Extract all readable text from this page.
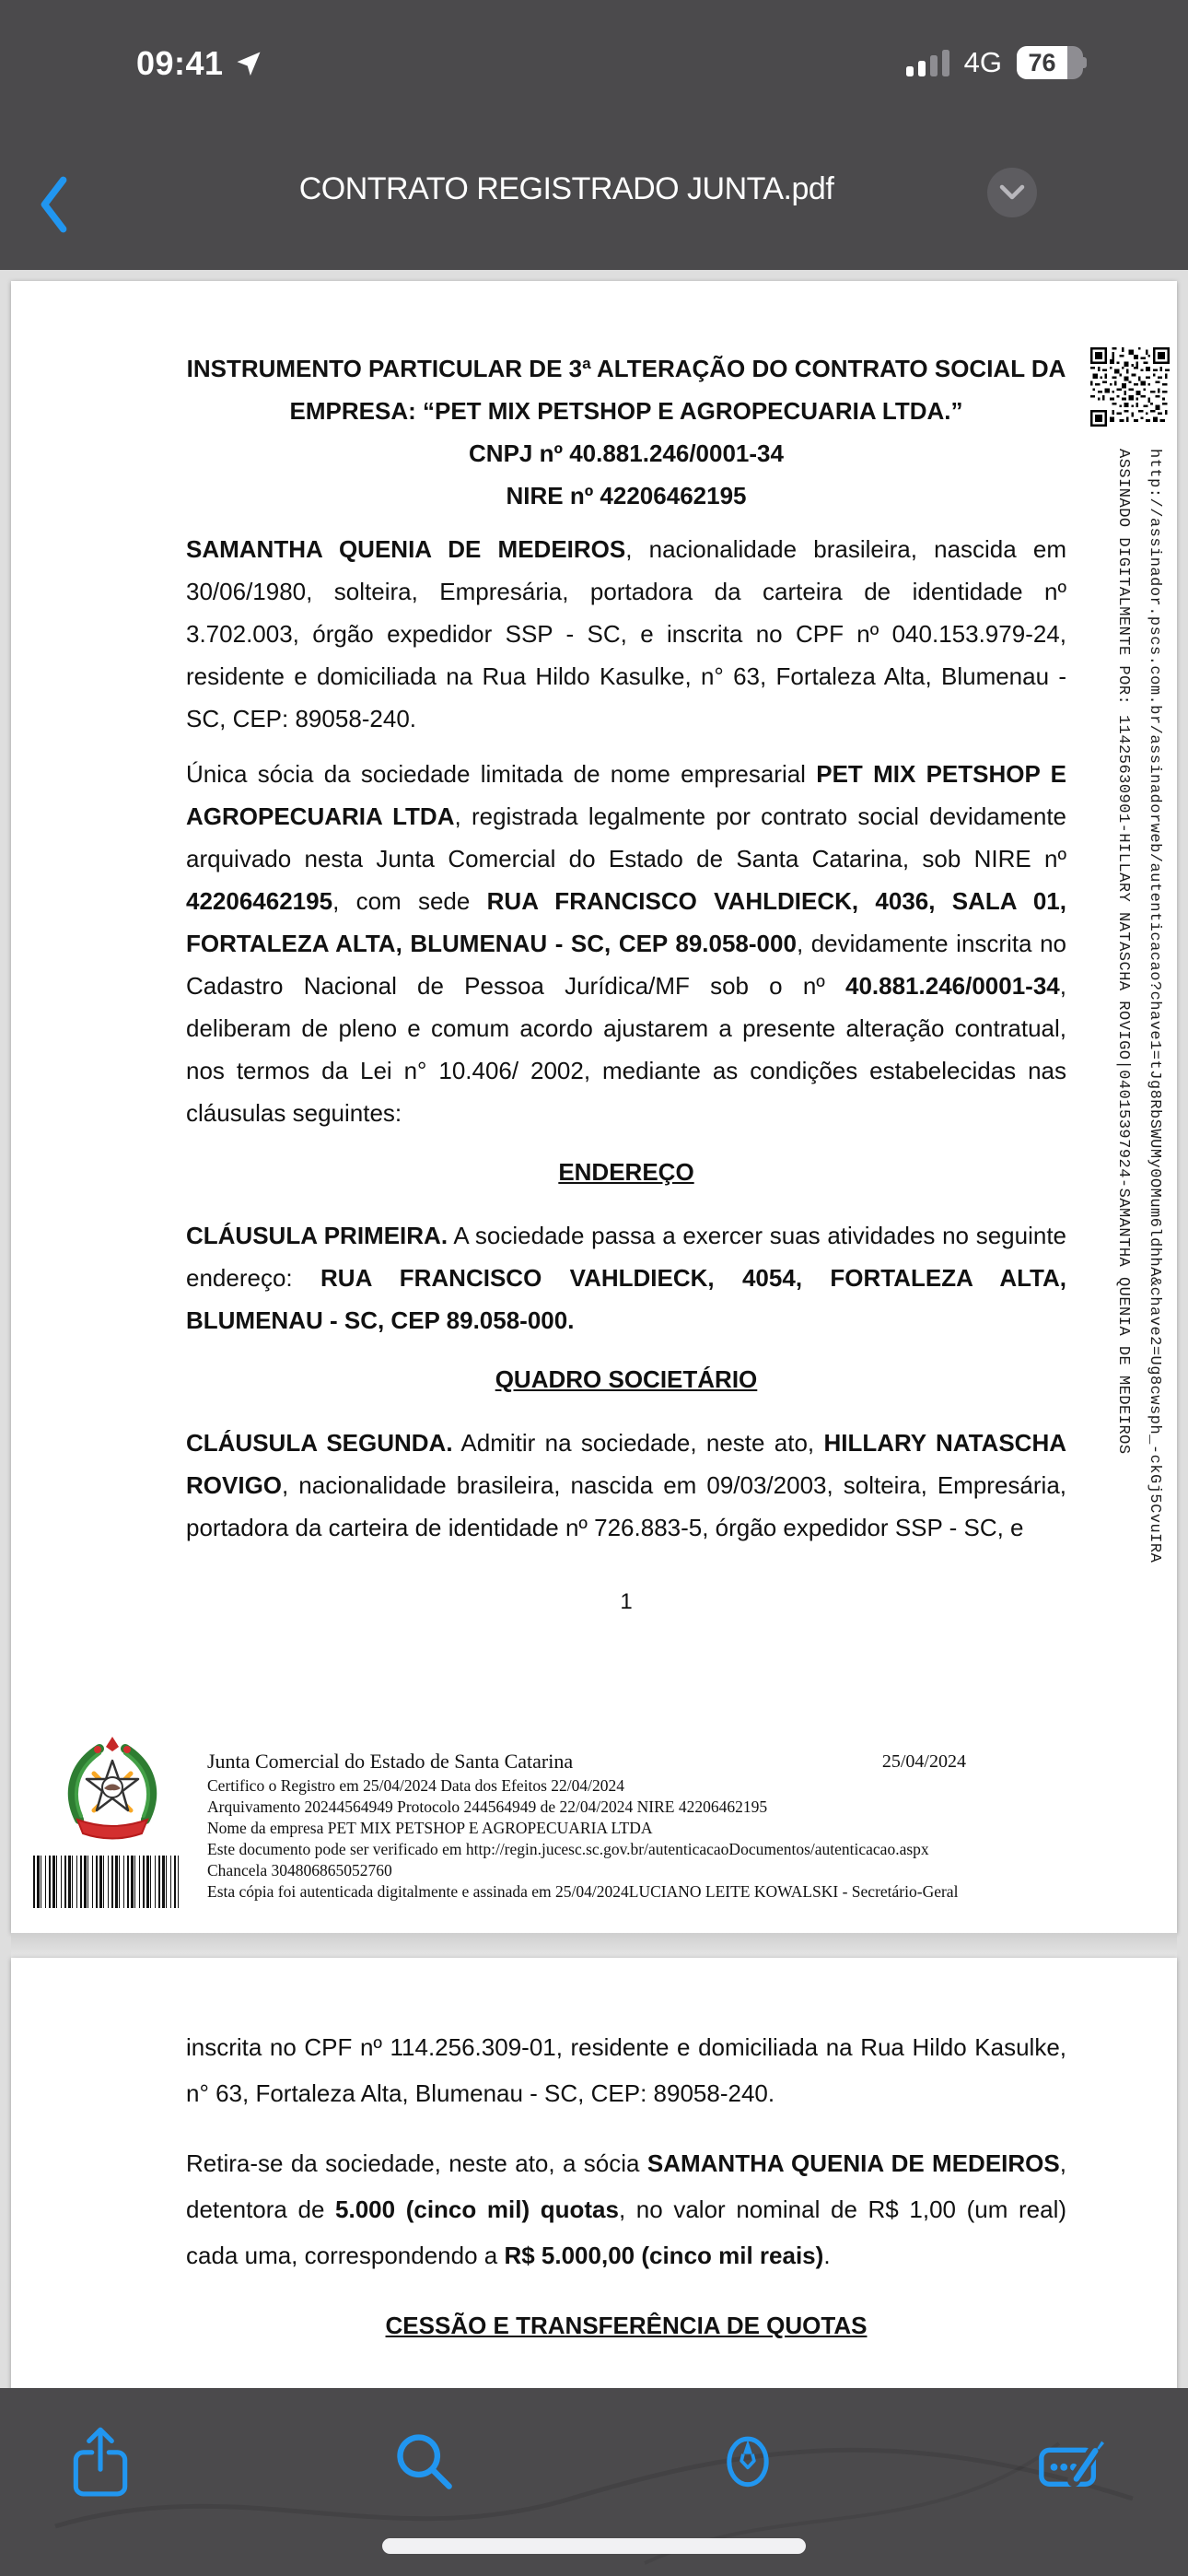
09:41	4G	76
CONTRATO REGISTRADO JUNTA.pdf
INSTRUMENTO PARTICULAR DE 3ª ALTERAÇÃO DO CONTRATO SOCIAL DA
EMPRESA: “PET MIX PETSHOP E AGROPECUARIA LTDA.”
CNPJ nº 40.881.246/0001-34
NIRE nº 42206462195

SAMANTHA QUENIA DE MEDEIROS, nacionalidade brasileira, nascida em 30/06/1980, solteira, Empresária, portadora da carteira de identidade nº 3.702.003, órgão expedidor SSP - SC, e inscrita no CPF nº 040.153.979-24, residente e domiciliada na Rua Hildo Kasulke, n° 63, Fortaleza Alta, Blumenau - SC, CEP: 89058-240.

Única sócia da sociedade limitada de nome empresarial PET MIX PETSHOP E AGROPECUARIA LTDA, registrada legalmente por contrato social devidamente arquivado nesta Junta Comercial do Estado de Santa Catarina, sob NIRE nº 42206462195, com sede RUA FRANCISCO VAHLDIECK, 4036, SALA 01, FORTALEZA ALTA, BLUMENAU - SC, CEP 89.058-000, devidamente inscrita no Cadastro Nacional de Pessoa Jurídica/MF sob o nº 40.881.246/0001-34, deliberam de pleno e comum acordo ajustarem a presente alteração contratual, nos termos da Lei n° 10.406/ 2002, mediante as condições estabelecidas nas cláusulas seguintes:

ENDEREÇO

CLÁUSULA PRIMEIRA. A sociedade passa a exercer suas atividades no seguinte endereço: RUA FRANCISCO VAHLDIECK, 4054, FORTALEZA ALTA, BLUMENAU - SC, CEP 89.058-000.

QUADRO SOCIETÁRIO

CLÁUSULA SEGUNDA. Admitir na sociedade, neste ato, HILLARY NATASCHA ROVIGO, nacionalidade brasileira, nascida em 09/03/2003, solteira, Empresária, portadora da carteira de identidade nº 726.883-5, órgão expedidor SSP - SC, e

1
http://assinador.pscs.com.br/assinadorweb/autenticacao?chave1=tJg8RbSWUMy0OMum6ldhhA&chave2=Ug8cwsph_-ckGj5CvuIRA
ASSINADO DIGITALMENTE POR: 11425630901-HILLARY NATASCHA ROVIGO|04015397924-SAMANTHA QUENIA DE MEDEIROS
Junta Comercial do Estado de Santa Catarina	25/04/2024
Certifico o Registro em 25/04/2024 Data dos Efeitos 22/04/2024
Arquivamento 20244564949 Protocolo 244564949 de 22/04/2024 NIRE 42206462195
Nome da empresa PET MIX PETSHOP E AGROPECUARIA LTDA
Este documento pode ser verificado em http://regin.jucesc.sc.gov.br/autenticacaoDocumentos/autenticacao.aspx
Chancela 304806865052760
Esta cópia foi autenticada digitalmente e assinada em 25/04/2024LUCIANO LEITE KOWALSKI - Secretário-Geral

inscrita no CPF nº 114.256.309-01, residente e domiciliada na Rua Hildo Kasulke, n° 63, Fortaleza Alta, Blumenau - SC, CEP: 89058-240.

Retira-se da sociedade, neste ato, a sócia SAMANTHA QUENIA DE MEDEIROS, detentora de 5.000 (cinco mil) quotas, no valor nominal de R$ 1,00 (um real) cada uma, correspondendo a R$ 5.000,00 (cinco mil reais).

CESSÃO E TRANSFERÊNCIA DE QUOTAS
